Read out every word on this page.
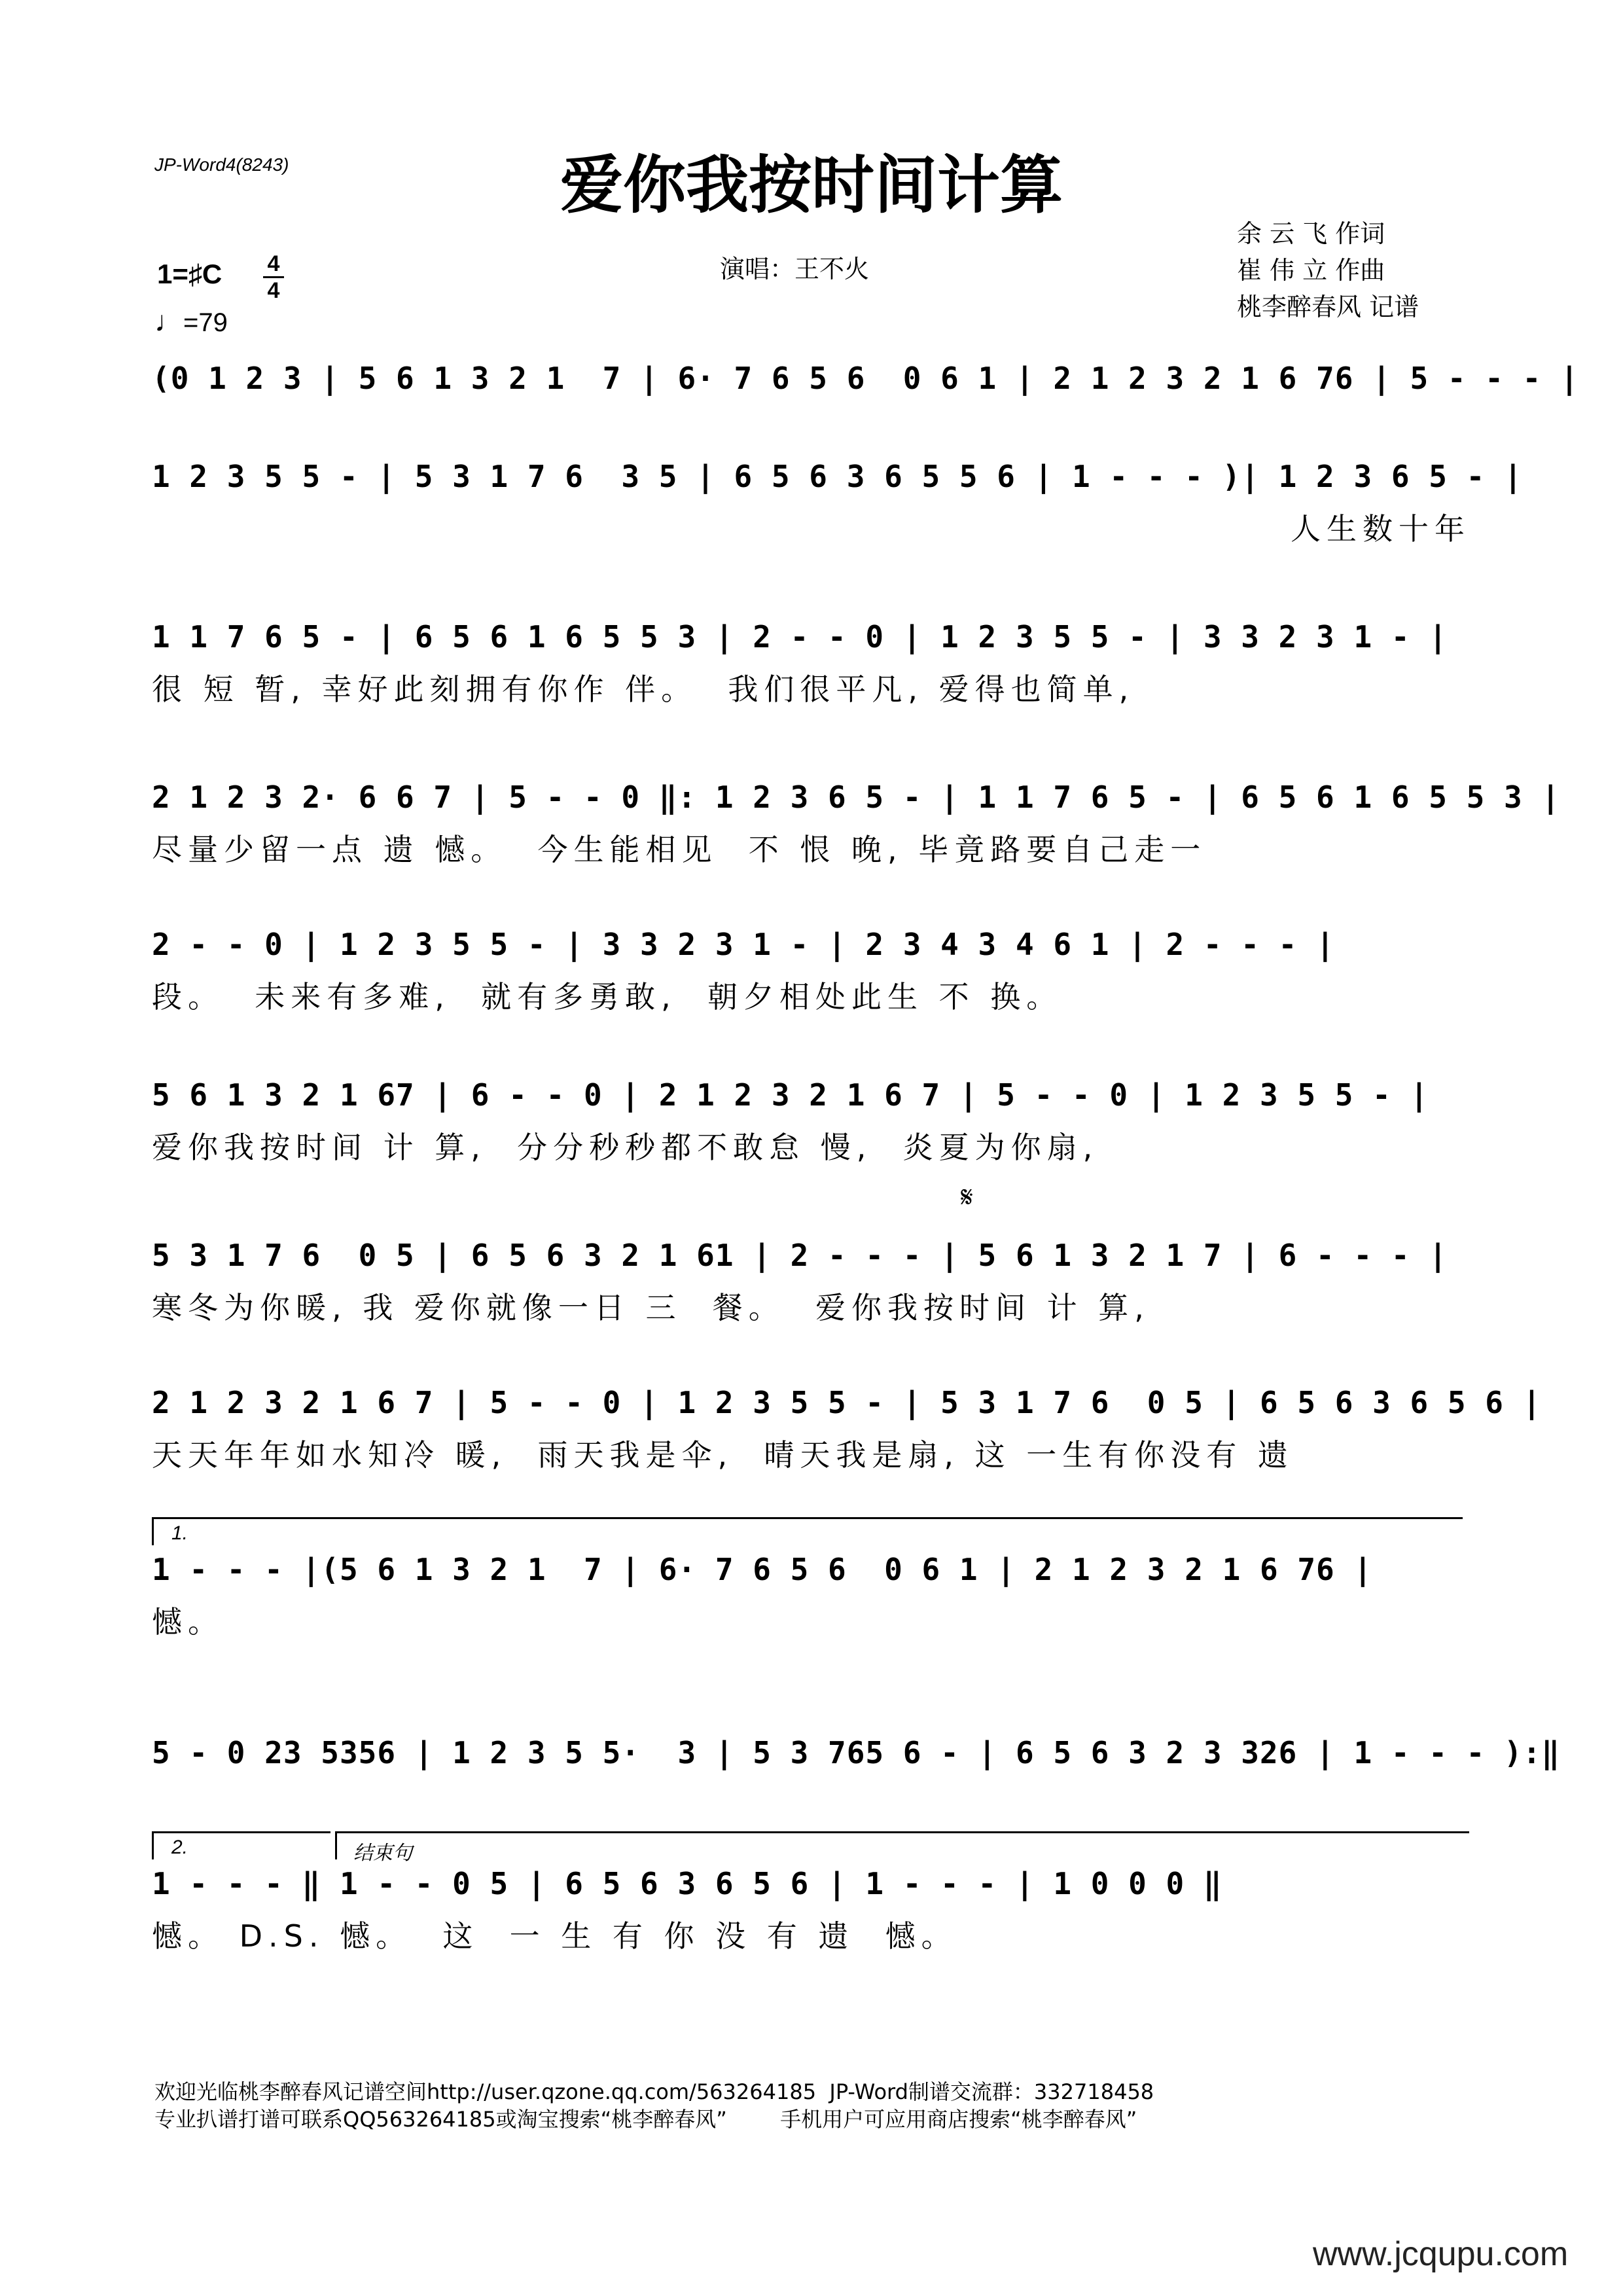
JP-Word4(8243)	爱你我按时间计算
演唱：王不火
余 云 飞 作词
崔 伟 立 作曲
桃李醉春风 记谱
1=♯C	4
4
♩=79
(0 1 2 3 | 5 6 1 3 2 1  7 | 6· 7 6 5 6  0 6 1 | 2 1 2 3 2 1 6 76 | 5 - - - |
1 2 3 5 5 - | 5 3 1 7 6  3 5 | 6 5 6 3 6 5 5 6 | 1 - - - )| 1 2 3 6 5 - |
人生数十年
1 1 7 6 5 - | 6 5 6 1 6 5 5 3 | 2 - - 0 | 1 2 3 5 5 - | 3 3 2 3 1 - |
很 短 暂, 幸好此刻拥有你作 伴。  我们很平凡, 爱得也简单,
2 1 2 3 2· 6 6 7 | 5 - - 0 ‖: 1 2 3 6 5 - | 1 1 7 6 5 - | 6 5 6 1 6 5 5 3 |
尽量少留一点 遗 憾。  今生能相见  不 恨 晚, 毕竟路要自己走一
2 - - 0 | 1 2 3 5 5 - | 3 3 2 3 1 - | 2 3 4 3 4 6 1 | 2 - - - |
段。  未来有多难,  就有多勇敢,  朝夕相处此生 不 换。
5 6 1 3 2 1 67 | 6 - - 0 | 2 1 2 3 2 1 6 7 | 5 - - 0 | 1 2 3 5 5 - |
爱你我按时间 计 算,  分分秒秒都不敢怠 慢,  炎夏为你扇,
𝄋
5 3 1 7 6  0 5 | 6 5 6 3 2 1 61 | 2 - - - | 5 6 1 3 2 1 7 | 6 - - - |
寒冬为你暖, 我 爱你就像一日 三  餐。  爱你我按时间 计 算,
2 1 2 3 2 1 6 7 | 5 - - 0 | 1 2 3 5 5 - | 5 3 1 7 6  0 5 | 6 5 6 3 6 5 6 |
天天年年如水知冷 暖,  雨天我是伞,  晴天我是扇, 这 一生有你没有 遗
1.
1 - - - |(5 6 1 3 2 1  7 | 6· 7 6 5 6  0 6 1 | 2 1 2 3 2 1 6 76 |
憾。
5 - 0 23 5356 | 1 2 3 5 5·  3 | 5 3 765 6 - | 6 5 6 3 2 3 326 | 1 - - - ):‖
2.	结束句
1 - - - ‖ 1 - - 0 5 | 6 5 6 3 6 5 6 | 1 - - - | 1 0 0 0 ‖
憾。 D.S. 憾。  这  一 生 有 你 没 有 遗  憾。
欢迎光临桃李醉春风记谱空间http://user.qzone.qq.com/563264185  JP-Word制谱交流群：332718458
专业扒谱打谱可联系QQ563264185或淘宝搜索“桃李醉春风”        手机用户可应用商店搜索“桃李醉春风”
www.jcqupu.com
